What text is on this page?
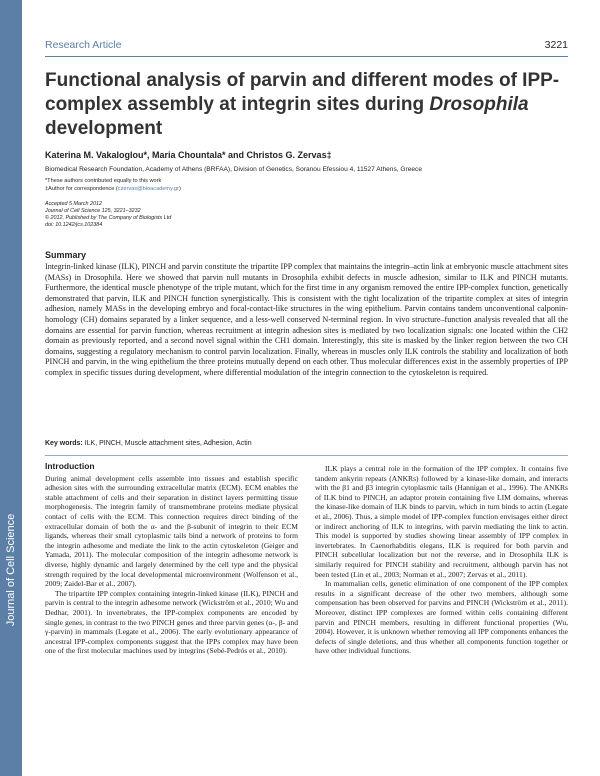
Journal of Cell Science
Research Article	3221
Functional analysis of parvin and different modes of IPP-complex assembly at integrin sites during Drosophila development
Katerina M. Vakaloglou*, Maria Chountala* and Christos G. Zervas‡
Biomedical Research Foundation, Academy of Athens (BRFAA), Division of Genetics, Soranou Efessiou 4, 11527 Athens, Greece
*These authors contributed equally to this work
‡Author for correspondence (czervas@bioacademy.gr)
Accepted 5 March 2012
Journal of Cell Science 125, 3221–3232
© 2012. Published by The Company of Biologists Ltd
doi: 10.1242/jcs.102384
Summary
Integrin-linked kinase (ILK), PINCH and parvin constitute the tripartite IPP complex that maintains the integrin–actin link at embryonic muscle attachment sites (MASs) in Drosophila. Here we showed that parvin null mutants in Drosophila exhibit defects in muscle adhesion, similar to ILK and PINCH mutants. Furthermore, the identical muscle phenotype of the triple mutant, which for the first time in any organism removed the entire IPP-complex function, genetically demonstrated that parvin, ILK and PINCH function synergistically. This is consistent with the tight localization of the tripartite complex at sites of integrin adhesion, namely MASs in the developing embryo and focal-contact-like structures in the wing epithelium. Parvin contains tandem unconventional calponin-homology (CH) domains separated by a linker sequence, and a less-well conserved N-terminal region. In vivo structure–function analysis revealed that all the domains are essential for parvin function, whereas recruitment at integrin adhesion sites is mediated by two localization signals: one located within the CH2 domain as previously reported, and a second novel signal within the CH1 domain. Interestingly, this site is masked by the linker region between the two CH domains, suggesting a regulatory mechanism to control parvin localization. Finally, whereas in muscles only ILK controls the stability and localization of both PINCH and parvin, in the wing epithelium the three proteins mutually depend on each other. Thus molecular differences exist in the assembly properties of IPP complex in specific tissues during development, where differential modulation of the integrin connection to the cytoskeleton is required.
Key words: ILK, PINCH, Muscle attachment sites, Adhesion, Actin
Introduction

During animal development cells assemble into tissues and establish specific adhesion sites with the surrounding extracellular matrix (ECM). ECM enables the stable attachment of cells and their separation in distinct layers permitting tissue morphogenesis. The integrin family of transmembrane proteins mediate physical contact of cells with the ECM. This connection requires direct binding of the extracellular domain of both the α- and the β-subunit of integrin to their ECM ligands, whereas their small cytoplasmic tails bind a network of proteins to form the integrin adhesome and mediate the link to the actin cytoskeleton (Geiger and Yamada, 2011). The molecular composition of the integrin adhesome network is diverse, highly dynamic and largely determined by the cell type and the physical strength required by the local developmental microenvironment (Wolfenson et al., 2009; Zaidel-Bar et al., 2007).

The tripartite IPP complex containing integrin-linked kinase (ILK), PINCH and parvin is central to the integrin adhesome network (Wickström et al., 2010; Wu and Dedhar, 2001). In invertebrates, the IPP-complex components are encoded by single genes, in contrast to the two PINCH genes and three parvin genes (α-, β- and γ-parvin) in mammals (Legate et al., 2006). The early evolutionary appearance of ancestral IPP-complex components suggest that the IPPs complex may have been one of the first molecular machines used by integrins (Sebé-Pedrós et al., 2010).

ILK plays a central role in the formation of the IPP complex. It contains five tandem ankyrin repeats (ANKRs) followed by a kinase-like domain, and interacts with the β1 and β3 integrin cytoplasmic tails (Hannigan et al., 1996). The ANKRs of ILK bind to PINCH, an adaptor protein containing five LIM domains, whereas the kinase-like domain of ILK binds to parvin, which in turn binds to actin (Legate et al., 2006). Thus, a simple model of IPP-complex function envisages either direct or indirect anchoring of ILK to integrins, with parvin mediating the link to actin. This model is supported by studies showing linear assembly of IPP complex in invertebrates. In Caenorhabditis elegans, ILK is required for both parvin and PINCH subcellular localization but not the reverse, and in Drosophila ILK is similarly required for PINCH stability and recruitment, although parvin has not been tested (Lin et al., 2003; Norman et al., 2007; Zervas et al., 2011).

In mammalian cells, genetic elimination of one component of the IPP complex results in a significant decrease of the other two members, although some compensation has been observed for parvins and PINCH (Wickström et al., 2011). Moreover, distinct IPP complexes are formed within cells containing different parvin and PINCH members, resulting in different functional properties (Wu, 2004). However, it is unknown whether removing all IPP components enhances the defects of single deletions, and thus whether all components function together or have other individual functions.
